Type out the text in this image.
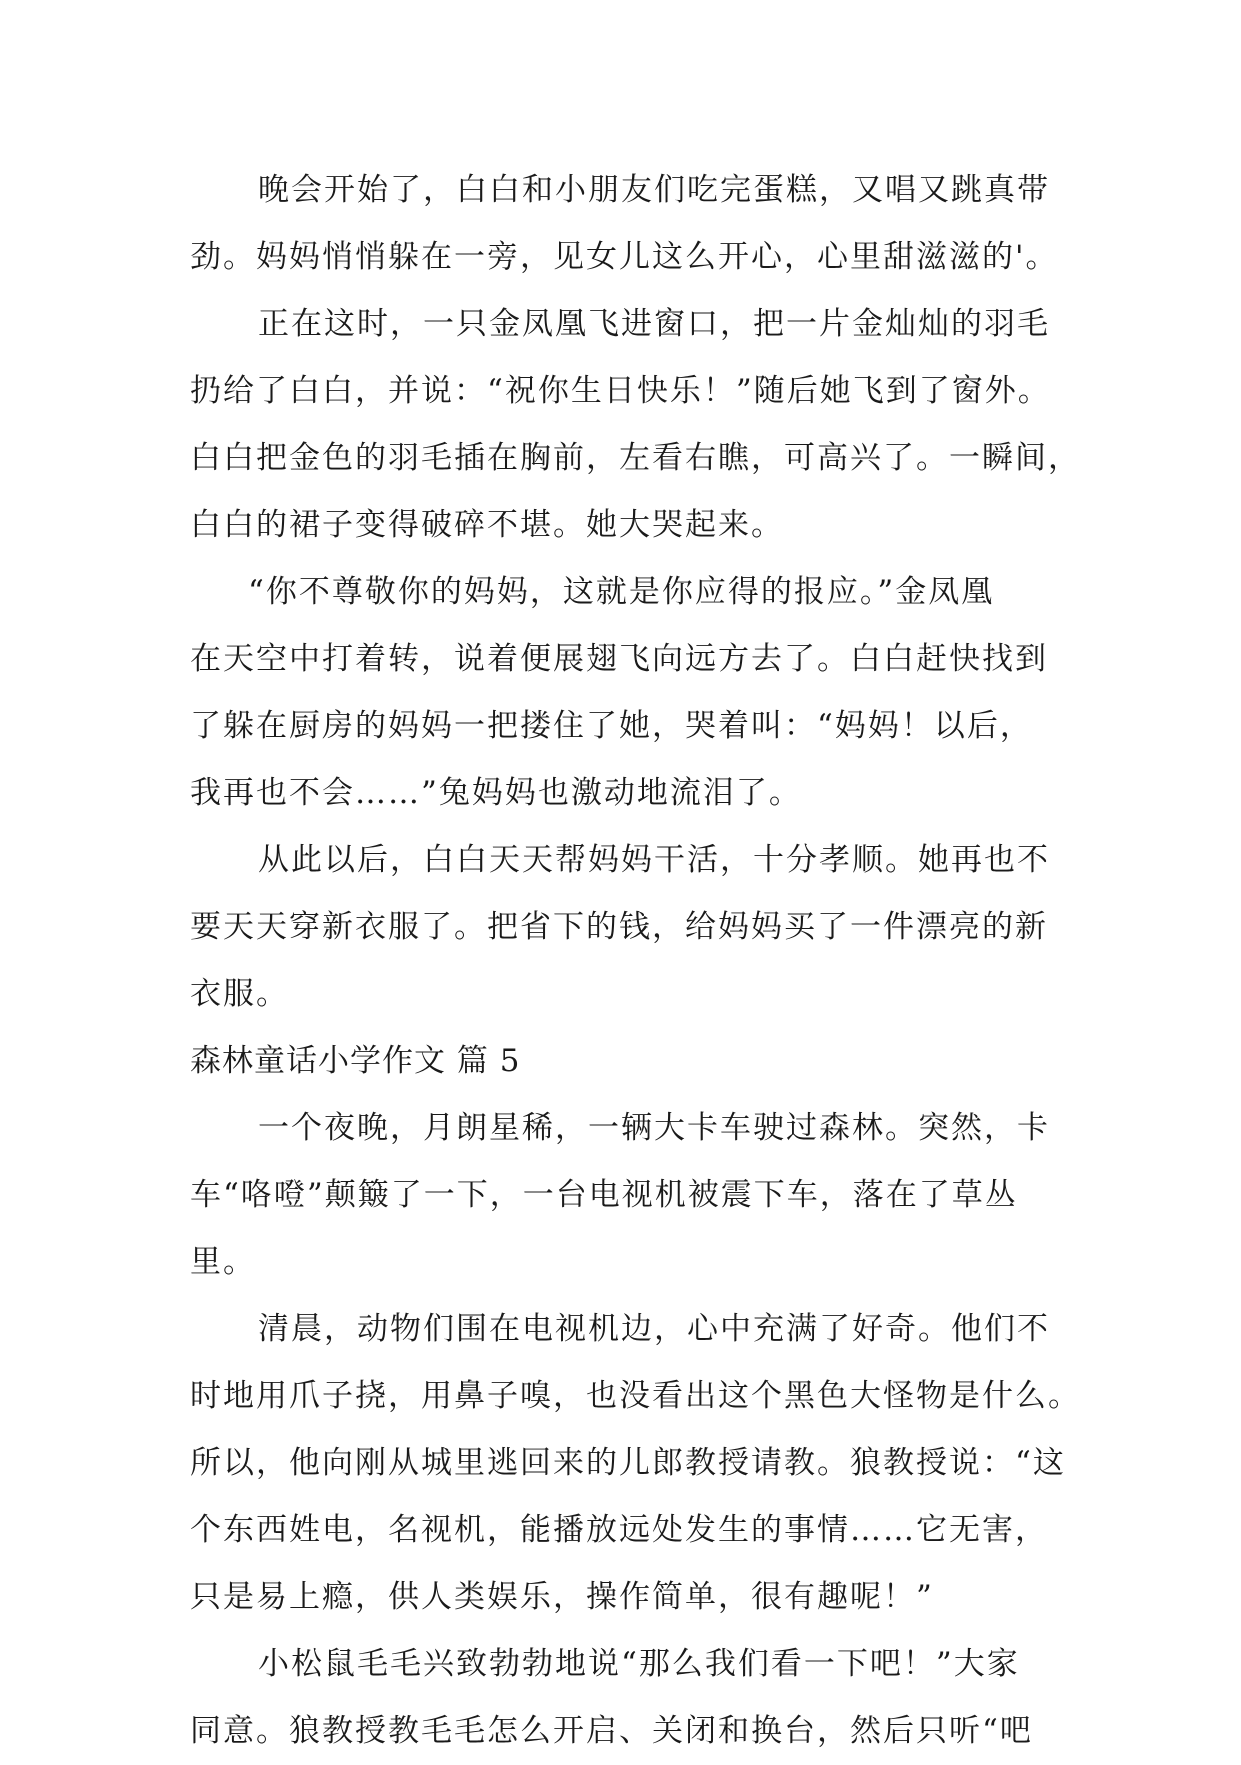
晚会开始了，白白和小朋友们吃完蛋糕，又唱又跳真带
劲。妈妈悄悄躲在一旁，见女儿这么开心，心里甜滋滋的'。
正在这时，一只金凤凰飞进窗口，把一片金灿灿的羽毛
扔给了白白，并说：“祝你生日快乐！”随后她飞到了窗外。
白白把金色的羽毛插在胸前，左看右瞧，可高兴了。一瞬间，
白白的裙子变得破碎不堪。她大哭起来。
“你不尊敬你的妈妈，这就是你应得的报应。”金凤凰
在天空中打着转，说着便展翅飞向远方去了。白白赶快找到
了躲在厨房的妈妈一把搂住了她，哭着叫：“妈妈！以后，
我再也不会……”兔妈妈也激动地流泪了。
从此以后，白白天天帮妈妈干活，十分孝顺。她再也不
要天天穿新衣服了。把省下的钱，给妈妈买了一件漂亮的新
衣服。
森林童话小学作文 篇 5
一个夜晚，月朗星稀，一辆大卡车驶过森林。突然，卡
车“咯噔”颠簸了一下，一台电视机被震下车，落在了草丛
里。
清晨，动物们围在电视机边，心中充满了好奇。他们不
时地用爪子挠，用鼻子嗅，也没看出这个黑色大怪物是什么。
所以，他向刚从城里逃回来的儿郎教授请教。狼教授说：“这
个东西姓电，名视机，能播放远处发生的事情……它无害，
只是易上瘾，供人类娱乐，操作简单，很有趣呢！”
小松鼠毛毛兴致勃勃地说“那么我们看一下吧！”大家
同意。狼教授教毛毛怎么开启、关闭和换台，然后只听“吧
